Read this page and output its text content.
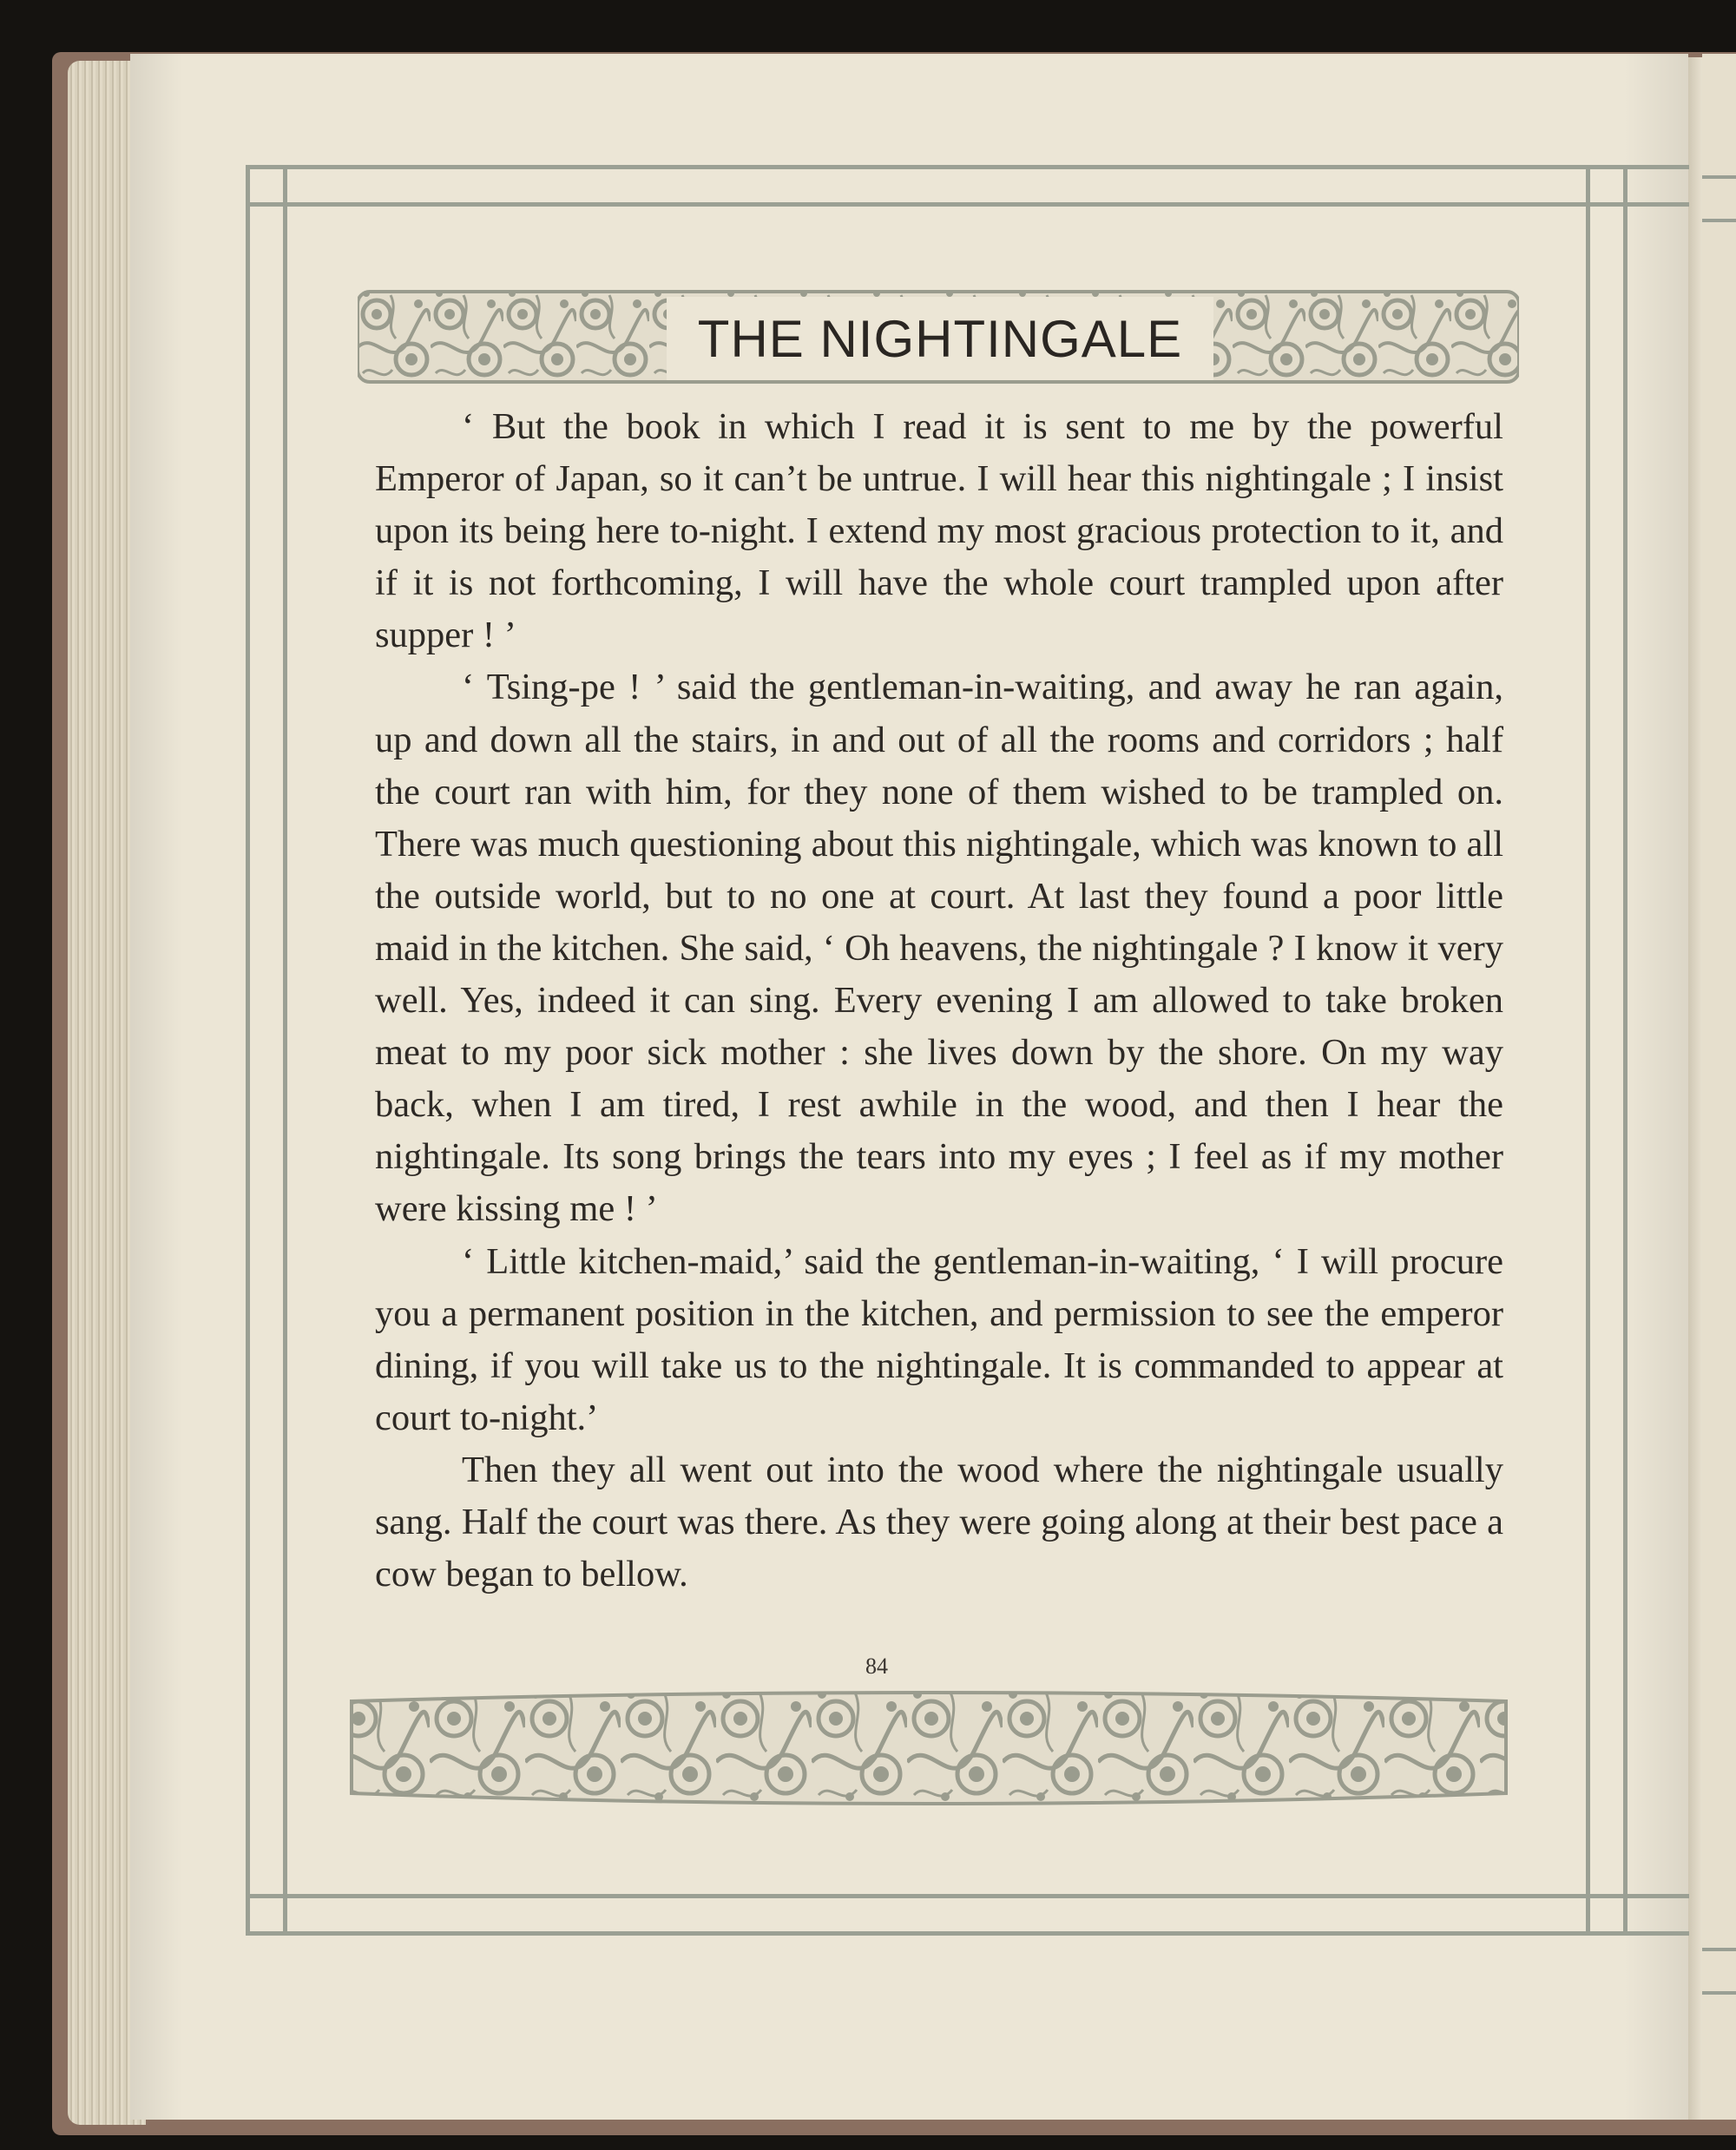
THE NIGHTINGALE

‘ But the book in which I read it is sent to me by the powerful Emperor of Japan, so it can’t be untrue. I will hear this nightingale ; I insist upon its being here to-night. I extend my most gracious protection to it, and if it is not forthcoming, I will have the whole court trampled upon after supper ! ’

‘ Tsing-pe ! ’ said the gentleman-in-waiting, and away he ran again, up and down all the stairs, in and out of all the rooms and corridors ; half the court ran with him, for they none of them wished to be trampled on. There was much questioning about this nightingale, which was known to all the outside world, but to no one at court. At last they found a poor little maid in the kitchen. She said, ‘ Oh heavens, the nightingale ? I know it very well. Yes, indeed it can sing. Every evening I am allowed to take broken meat to my poor sick mother : she lives down by the shore. On my way back, when I am tired, I rest awhile in the wood, and then I hear the nightingale. Its song brings the tears into my eyes ; I feel as if my mother were kissing me ! ’

‘ Little kitchen-maid,’ said the gentleman-in-waiting, ‘ I will procure you a permanent position in the kitchen, and permission to see the emperor dining, if you will take us to the nightingale. It is commanded to appear at court to-night.’

Then they all went out into the wood where the nightingale usually sang. Half the court was there. As they were going along at their best pace a cow began to bellow.

84
